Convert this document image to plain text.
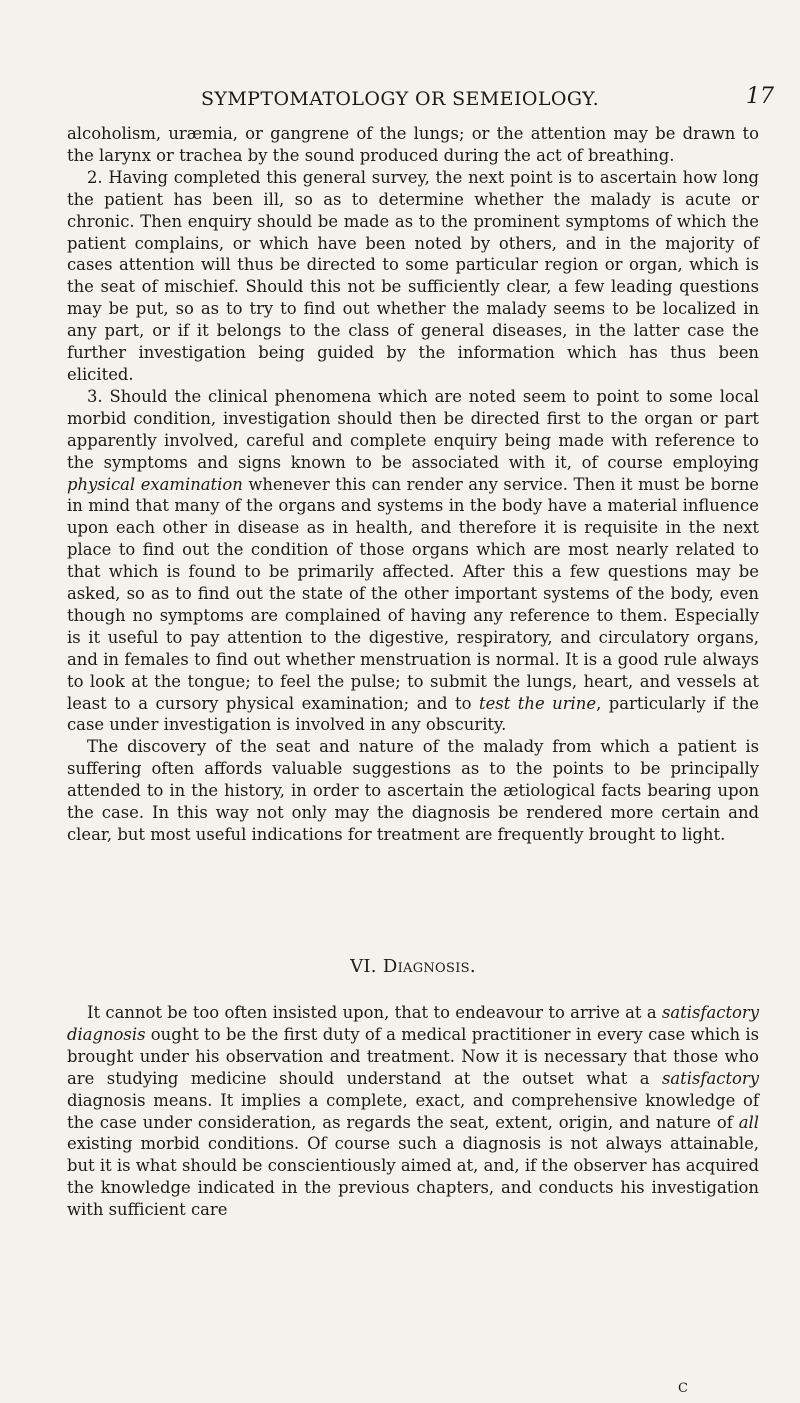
SYMPTOMATOLOGY OR SEMEIOLOGY.	17

alcoholism, uræmia, or gangrene of the lungs; or the attention may be drawn to the larynx or trachea by the sound produced during the act of breathing.

2. Having completed this general survey, the next point is to ascertain how long the patient has been ill, so as to determine whether the malady is acute or chronic. Then enquiry should be made as to the prominent symptoms of which the patient complains, or which have been noted by others, and in the majority of cases attention will thus be directed to some particular region or organ, which is the seat of mischief. Should this not be sufficiently clear, a few leading questions may be put, so as to try to find out whether the malady seems to be localized in any part, or if it belongs to the class of general diseases, in the latter case the further investigation being guided by the information which has thus been elicited.

3. Should the clinical phenomena which are noted seem to point to some local morbid condition, investigation should then be directed first to the organ or part apparently involved, careful and complete enquiry being made with reference to the symptoms and signs known to be associated with it, of course employing physical examination whenever this can render any service. Then it must be borne in mind that many of the organs and systems in the body have a material influence upon each other in disease as in health, and therefore it is requisite in the next place to find out the condition of those organs which are most nearly related to that which is found to be primarily affected. After this a few questions may be asked, so as to find out the state of the other important systems of the body, even though no symptoms are complained of having any reference to them. Especially is it useful to pay attention to the digestive, respiratory, and circulatory organs, and in females to find out whether menstruation is normal. It is a good rule always to look at the tongue; to feel the pulse; to submit the lungs, heart, and vessels at least to a cursory physical examination; and to test the urine, particularly if the case under investigation is involved in any obscurity.

The discovery of the seat and nature of the malady from which a patient is suffering often affords valuable suggestions as to the points to be principally attended to in the history, in order to ascertain the ætiological facts bearing upon the case. In this way not only may the diagnosis be rendered more certain and clear, but most useful indications for treatment are frequently brought to light.

VI. Diagnosis.

It cannot be too often insisted upon, that to endeavour to arrive at a satisfactory diagnosis ought to be the first duty of a medical practitioner in every case which is brought under his observation and treatment. Now it is necessary that those who are studying medicine should understand at the outset what a satisfactory diagnosis means. It implies a complete, exact, and comprehensive knowledge of the case under consideration, as regards the seat, extent, origin, and nature of all existing morbid conditions. Of course such a diagnosis is not always attainable, but it is what should be conscientiously aimed at, and, if the observer has acquired the knowledge indicated in the previous chapters, and conducts his investigation with sufficient care

C
